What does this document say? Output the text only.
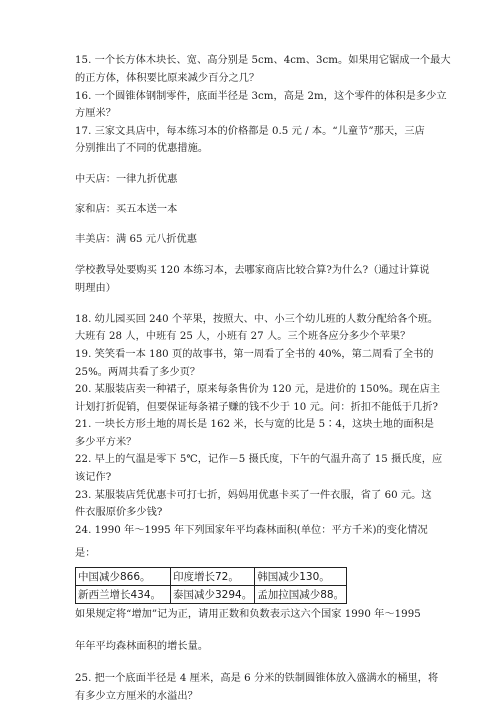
15. 一个长方体木块长、宽、高分别是 5cm、4cm、3cm。如果用它锯成一个最大
的正方体，体积要比原来减少百分之几？
16. 一个圆锥体钢制零件，底面半径是 3cm，高是 2m，这个零件的体积是多少立
方厘米？
17. 三家文具店中，每本练习本的价格都是 0.5 元 / 本。“儿童节”那天，三店
分别推出了不同的优惠措施。
中天店：一律九折优惠
家和店：买五本送一本
丰美店：满 65 元八折优惠
学校教导处要购买 120 本练习本，去哪家商店比较合算?为什么?（通过计算说
明理由）
18. 幼儿园买回 240 个苹果，按照大、中、小三个幼儿班的人数分配给各个班。
大班有 28 人，中班有 25 人，小班有 27 人。三个班各应分多少个苹果？
19. 笑笑看一本 180 页的故事书，第一周看了全书的 40%，第二周看了全书的
25%。两周共看了多少页？
20. 某服装店卖一种裙子，原来每条售价为 120 元，是进价的 150%。现在店主
计划打折促销，但要保证每条裙子赚的钱不少于 10 元。问：折扣不能低于几折?
21. 一块长方形土地的周长是 162 米，长与宽的比是 5∶4，这块土地的面积是
多少平方米？
22. 早上的气温是零下 5℃，记作－5 摄氏度，下午的气温升高了 15 摄氏度，应
该记作?
23. 某服装店凭优惠卡可打七折，妈妈用优惠卡买了一件衣服，省了 60 元。这
件衣服原价多少钱?
24. 1990 年～1995 年下列国家年平均森林面积(单位：平方千米)的变化情况
是：
如果规定将“增加”记为正，请用正数和负数表示这六个国家 1990 年～1995
年年平均森林面积的增长量。
25. 把一个底面半径是 4 厘米，高是 6 分米的铁制圆锥体放入盛满水的桶里，将
有多少立方厘米的水溢出？
中国减少866。	印度增长72。	韩国减少130。
新西兰增长434。	泰国减少3294。	孟加拉国减少88。
